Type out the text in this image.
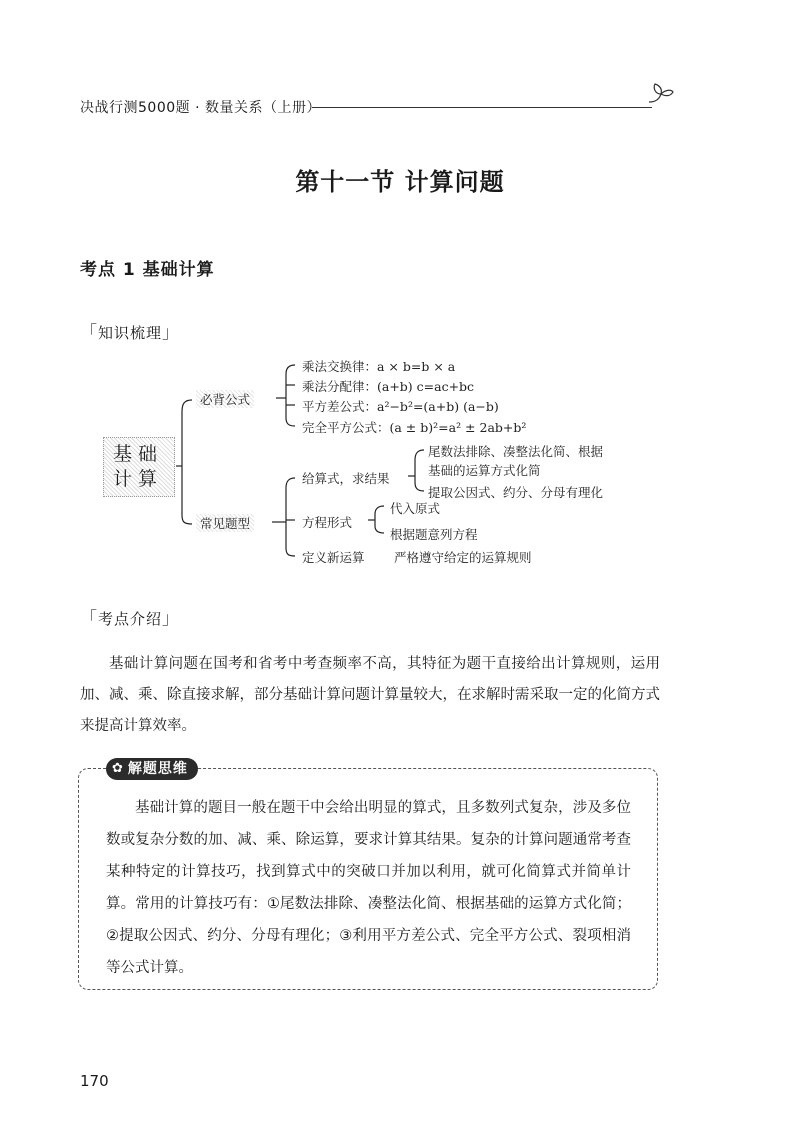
决战行测5000题 · 数量关系（上册）
第十一节 计算问题
考点 1 基础计算
「知识梳理」
基础计算
必背公式
乘法交换律：a × b=b × a
乘法分配律：(a+b) c=ac+bc
平方差公式：a²−b²=(a+b) (a−b)
完全平方公式：(a ± b)²=a² ± 2ab+b²
常见题型
给算式，求结果
尾数法排除、凑整法化简、根据
基础的运算方式化简
提取公因式、约分、分母有理化
方程形式
代入原式
根据题意列方程
定义新运算 严格遵守给定的运算规则
「考点介绍」
基础计算问题在国考和省考中考查频率不高，其特征为题干直接给出计算规则，运用加、减、乘、除直接求解，部分基础计算问题计算量较大，在求解时需采取一定的化简方式来提高计算效率。
✿ 解题思维
基础计算的题目一般在题干中会给出明显的算式，且多数列式复杂，涉及多位数或复杂分数的加、减、乘、除运算，要求计算其结果。复杂的计算问题通常考查某种特定的计算技巧，找到算式中的突破口并加以利用，就可化简算式并简单计算。常用的计算技巧有：①尾数法排除、凑整法化简、根据基础的运算方式化简；②提取公因式、约分、分母有理化；③利用平方差公式、完全平方公式、裂项相消等公式计算。
170
